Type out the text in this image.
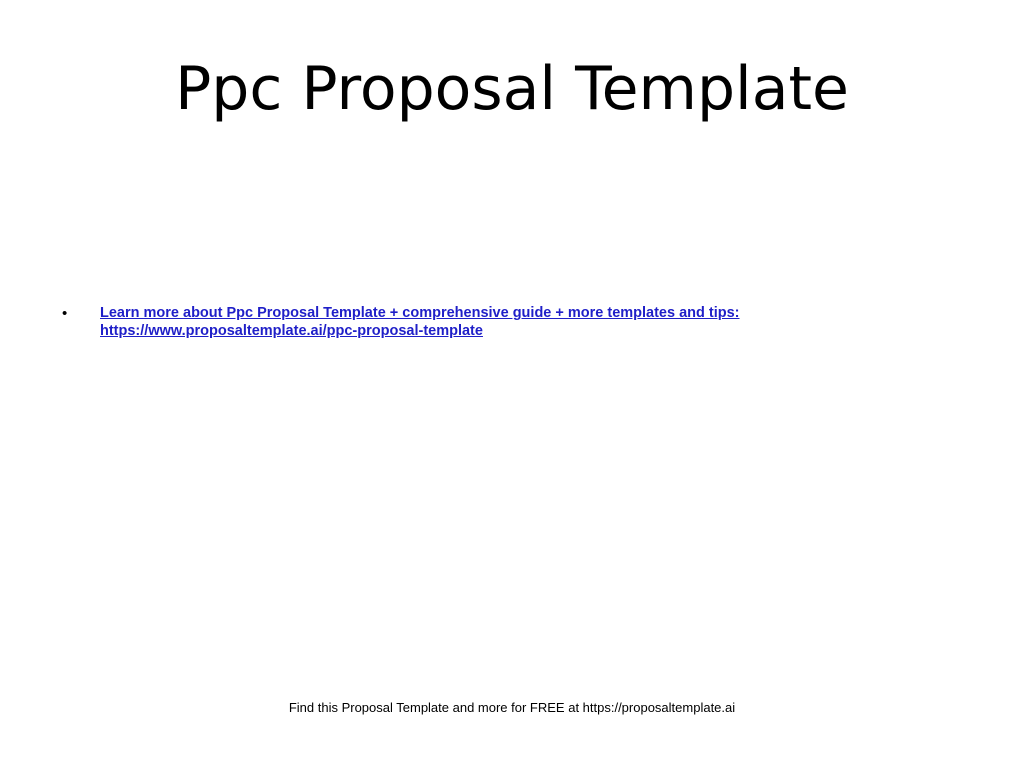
Ppc Proposal Template
•	Learn more about Ppc Proposal Template + comprehensive guide + more templates and tips: https://www.proposaltemplate.ai/ppc-proposal-template
Find this Proposal Template and more for FREE at https://proposaltemplate.ai
